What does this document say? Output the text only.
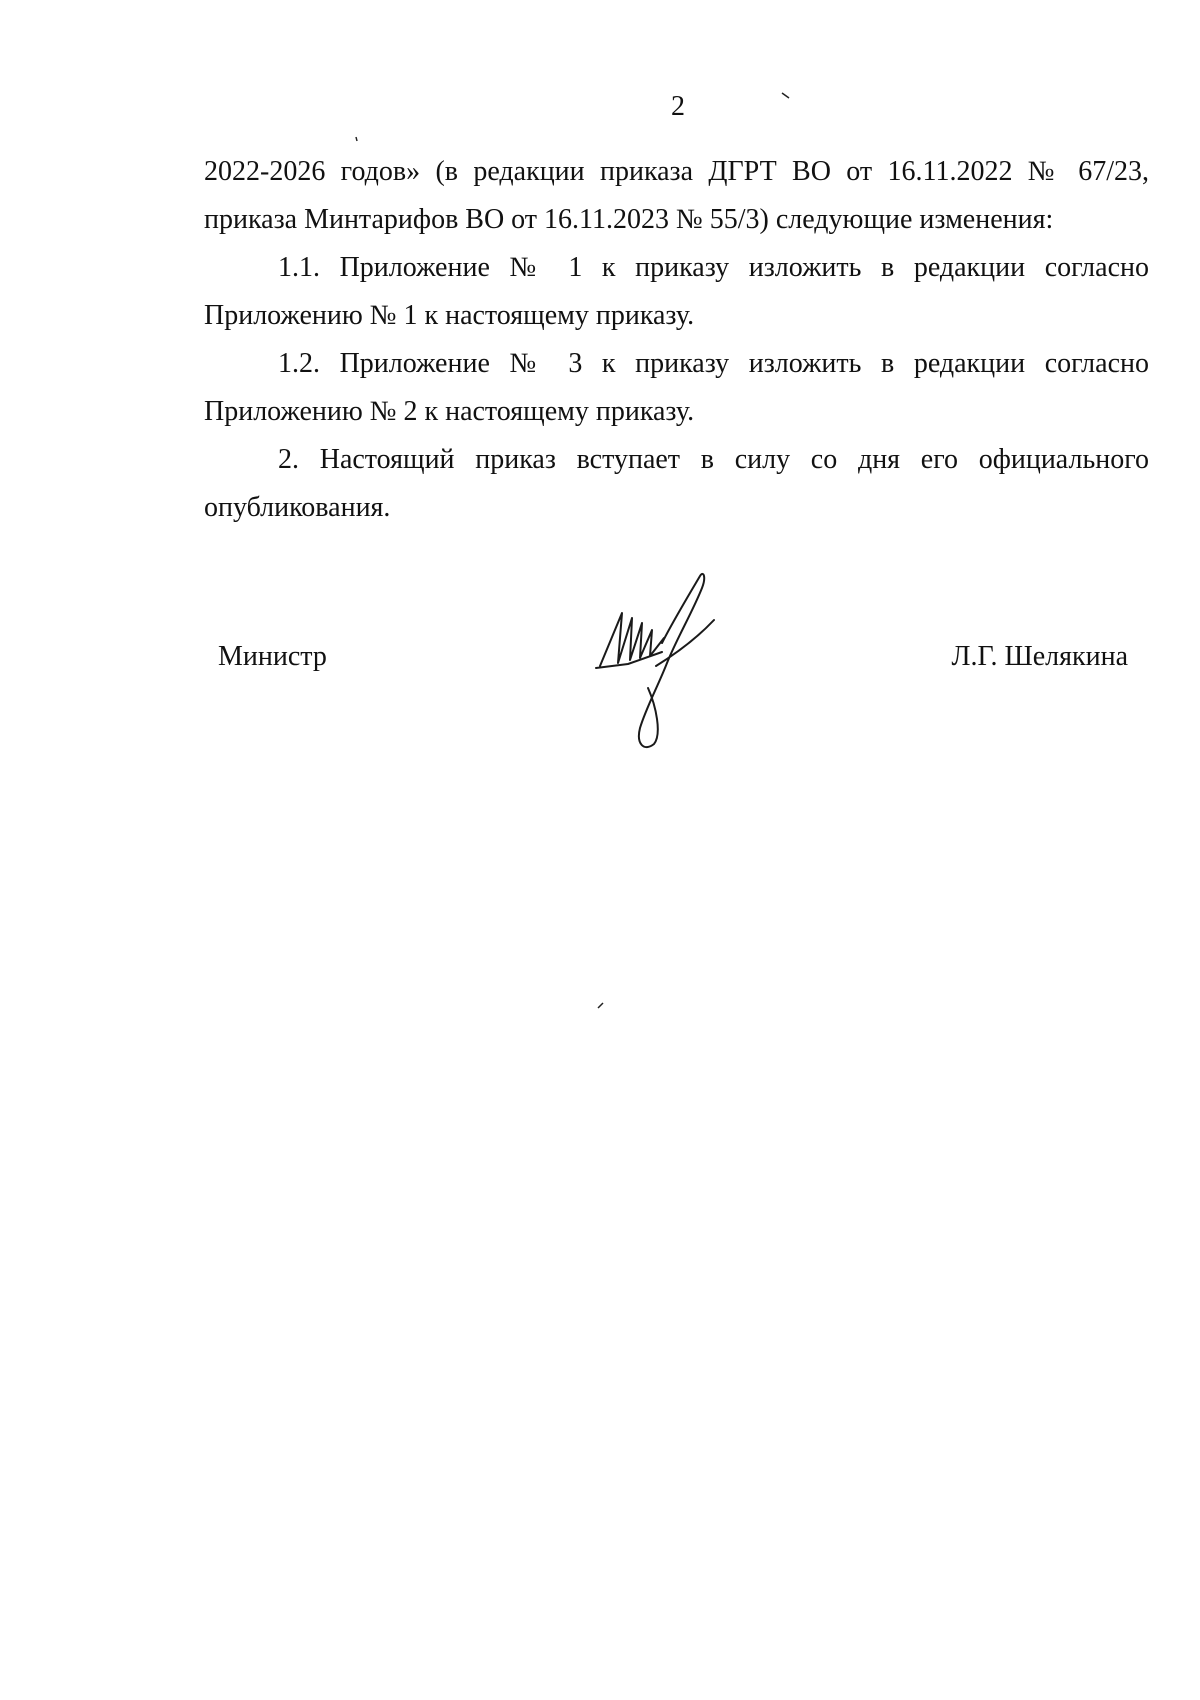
2

2022-2026 годов» (в редакции приказа ДГРТ ВО от 16.11.2022 № 67/23, приказа Минтарифов ВО от 16.11.2023 № 55/3) следующие изменения:

1.1. Приложение № 1 к приказу изложить в редакции согласно Приложению № 1 к настоящему приказу.

1.2. Приложение № 3 к приказу изложить в редакции согласно Приложению № 2 к настоящему приказу.

2. Настоящий приказ вступает в силу со дня его официального опубликования.

Министр	Л.Г. Шелякина
